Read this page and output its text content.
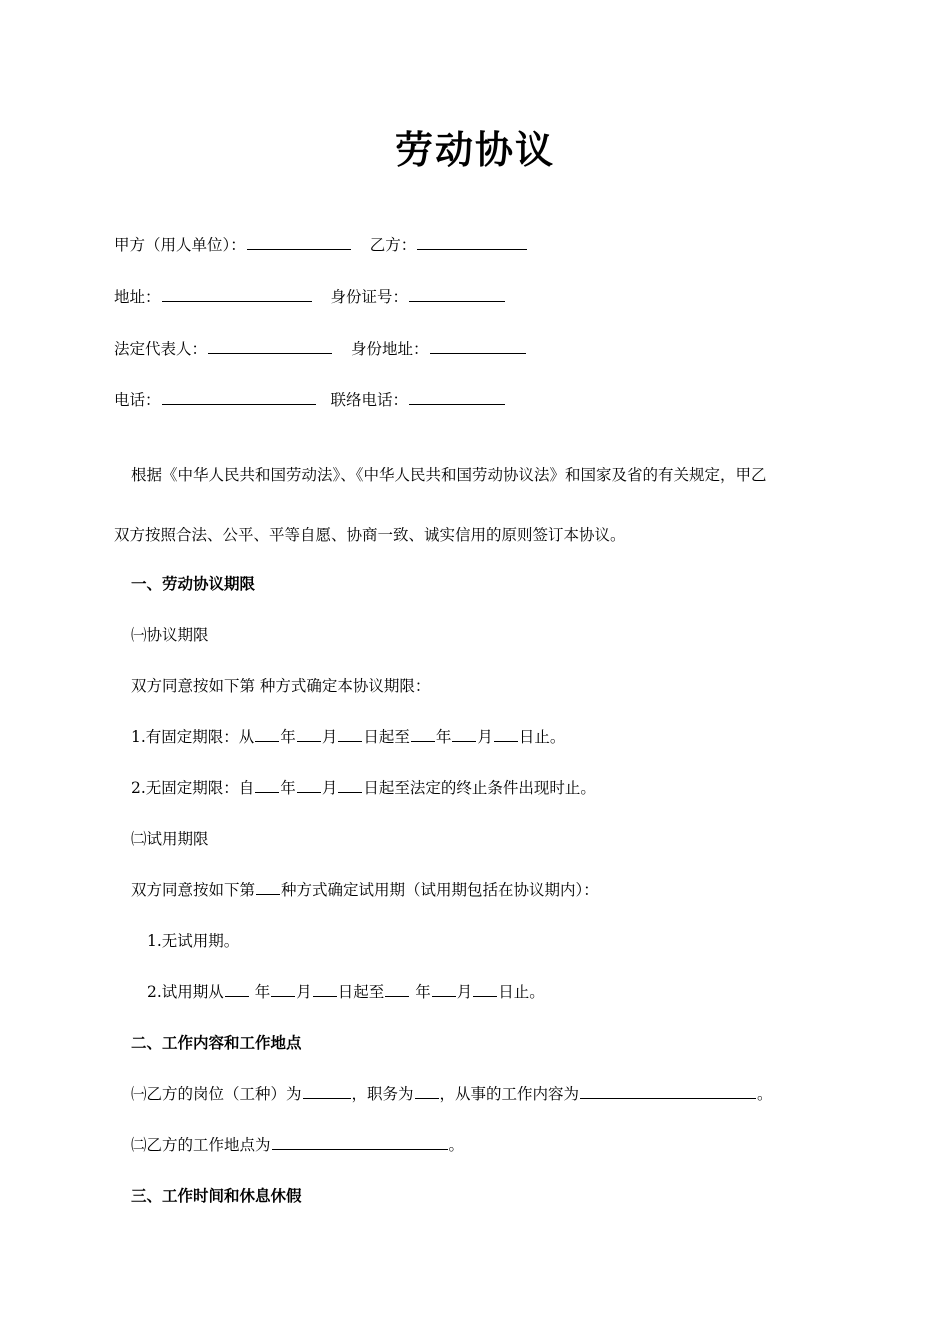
劳动协议
甲方（用人单位）：	乙方：
地址：	身份证号：
法定代表人：	身份地址：
电话：	联络电话：
根据《中华人民共和国劳动法》、《中华人民共和国劳动协议法》和国家及省的有关规定，甲乙
双方按照合法、公平、平等自愿、协商一致、诚实信用的原则签订本协议。
一、劳动协议期限
㈠协议期限
双方同意按如下第 种方式确定本协议期限：
1.有固定期限：从 年 月 日起至 年 月 日止。
2.无固定期限：自 年 月 日起至法定的终止条件出现时止。
㈡试用期限
双方同意按如下第 种方式确定试用期（试用期包括在协议期内）：
1.无试用期。
2.试用期从 年 月 日起至 年 月 日止。
二、工作内容和工作地点
㈠乙方的岗位（工种）为	，职务为 ，从事的工作内容为	。
㈡乙方的工作地点为	。
三、工作时间和休息休假
